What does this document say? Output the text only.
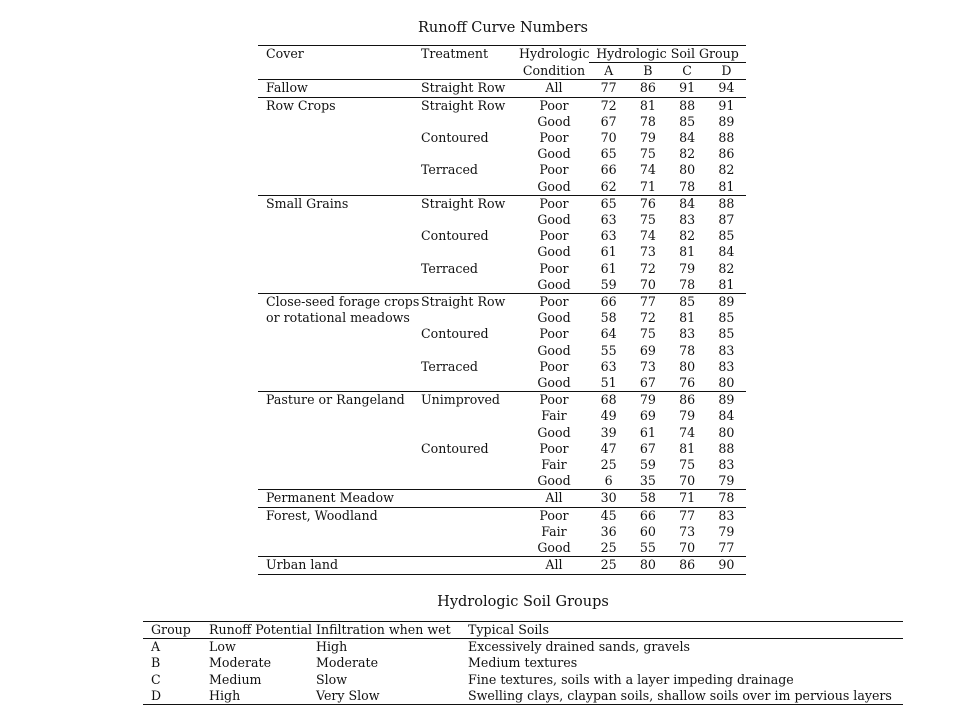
Runoff Curve Numbers
Cover	Treatment	Hydrologic	Hydrologic Soil Group			
		Condition	A	B	C	D
Fallow	Straight Row	All	77	86	91	94
Row Crops	Straight Row	Poor	72	81	88	91
		Good	67	78	85	89
	Contoured	Poor	70	79	84	88
		Good	65	75	82	86
	Terraced	Poor	66	74	80	82
		Good	62	71	78	81
Small Grains	Straight Row	Poor	65	76	84	88
		Good	63	75	83	87
	Contoured	Poor	63	74	82	85
		Good	61	73	81	84
	Terraced	Poor	61	72	79	82
		Good	59	70	78	81
Close-seed forage crops	Straight Row	Poor	66	77	85	89
or rotational meadows		Good	58	72	81	85
	Contoured	Poor	64	75	83	85
		Good	55	69	78	83
	Terraced	Poor	63	73	80	83
		Good	51	67	76	80
Pasture or Rangeland	Unimproved	Poor	68	79	86	89
		Fair	49	69	79	84
		Good	39	61	74	80
	Contoured	Poor	47	67	81	88
		Fair	25	59	75	83
		Good	6	35	70	79
Permanent Meadow		All	30	58	71	78
Forest, Woodland		Poor	45	66	77	83
		Fair	36	60	73	79
		Good	25	55	70	77
Urban land		All	25	80	86	90
Hydrologic Soil Groups
Group	Runoff Potential	Infiltration when wet	Typical Soils
A	Low	High	Excessively drained sands, gravels
B	Moderate	Moderate	Medium textures
C	Medium	Slow	Fine textures, soils with a layer impeding drainage
D	High	Very Slow	Swelling clays, claypan soils, shallow soils over im pervious layers
